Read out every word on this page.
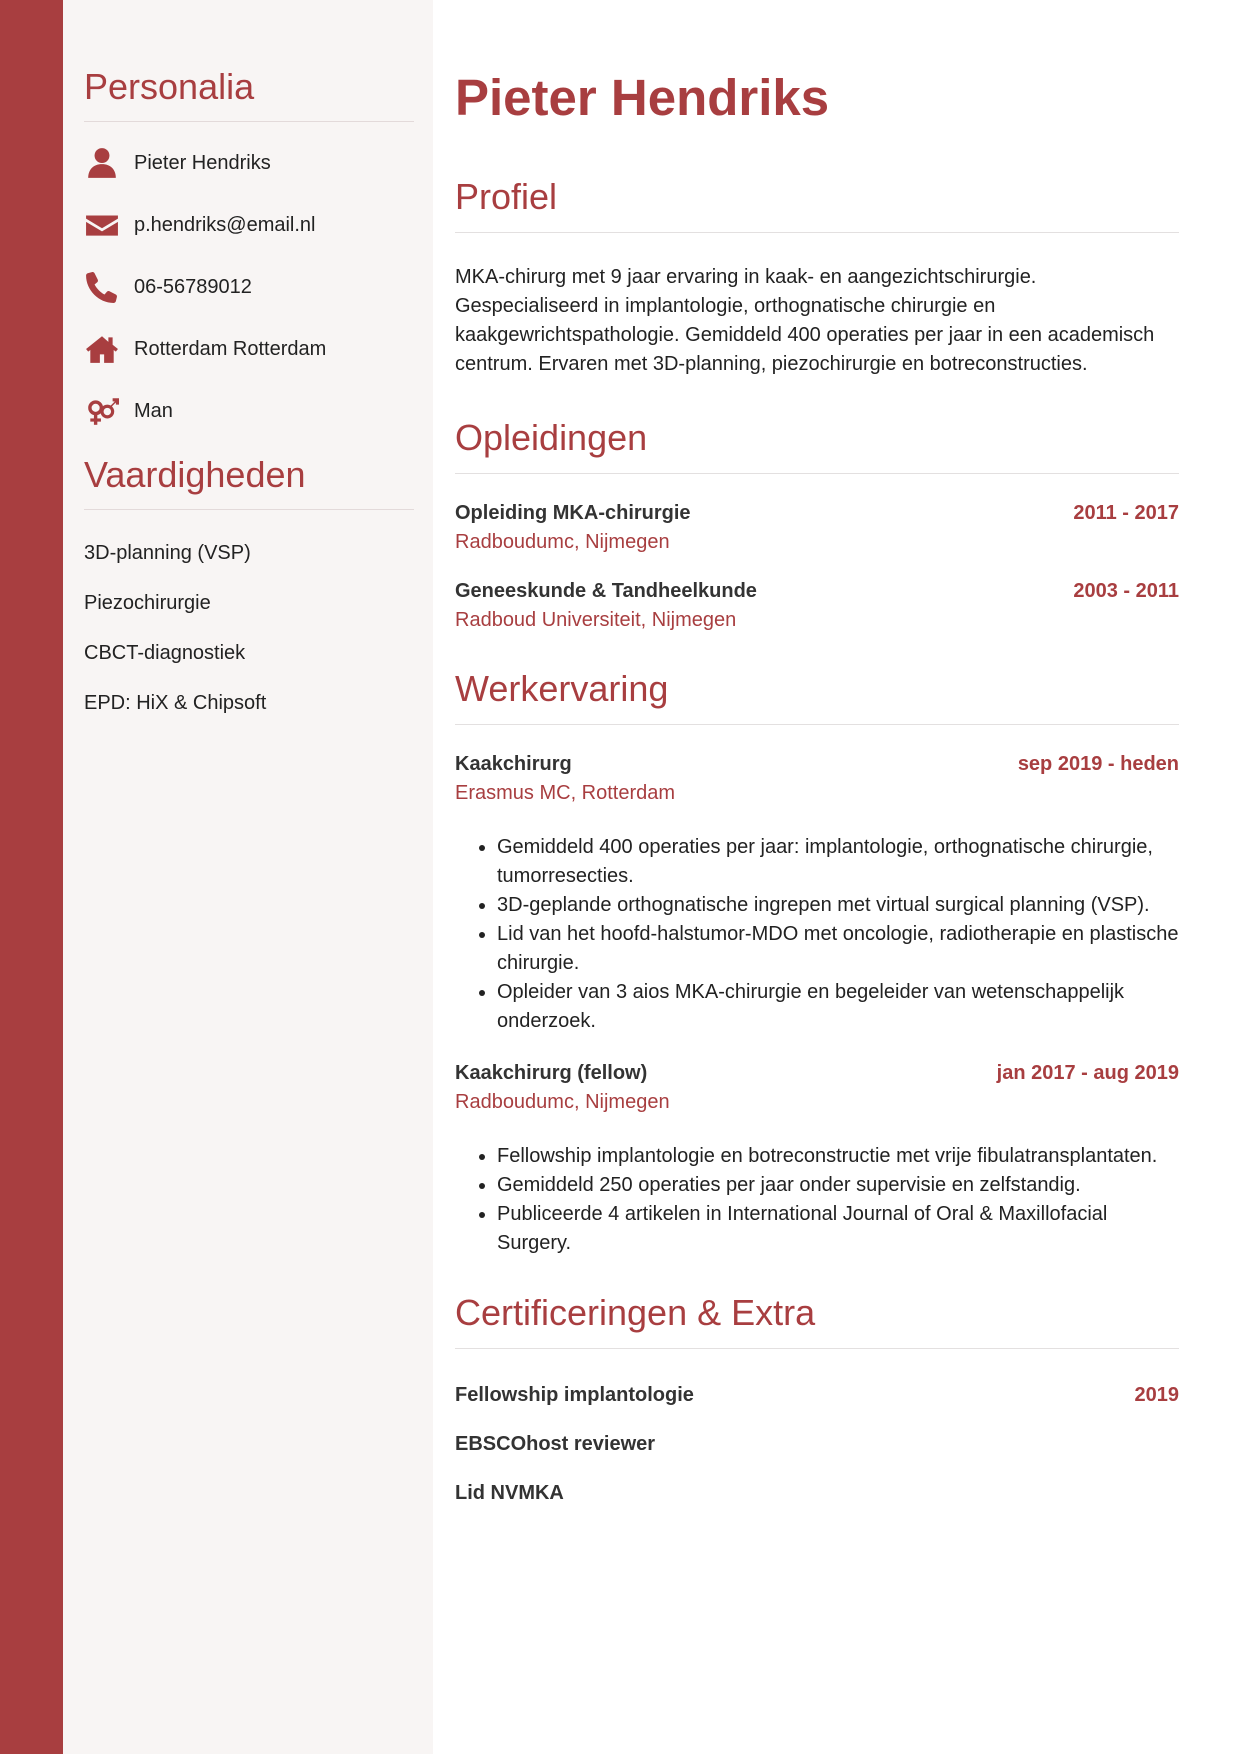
Personalia
Pieter Hendriks
p.hendriks@email.nl
06-56789012
Rotterdam Rotterdam
Man
Vaardigheden
3D-planning (VSP)
Piezochirurgie
CBCT-diagnostiek
EPD: HiX & Chipsoft
Pieter Hendriks
Profiel
MKA-chirurg met 9 jaar ervaring in kaak- en aangezichtschirurgie. Gespecialiseerd in implantologie, orthognatische chirurgie en kaakgewrichtspathologie. Gemiddeld 400 operaties per jaar in een academisch centrum. Ervaren met 3D-planning, piezochirurgie en botreconstructies.
Opleidingen
Opleiding MKA-chirurgie	2011 - 2017
Radboudumc, Nijmegen
Geneeskunde & Tandheelkunde	2003 - 2011
Radboud Universiteit, Nijmegen
Werkervaring
Kaakchirurg	sep 2019 - heden
Erasmus MC, Rotterdam
• Gemiddeld 400 operaties per jaar: implantologie, orthognatische chirurgie, tumorresecties.
• 3D-geplande orthognatische ingrepen met virtual surgical planning (VSP).
• Lid van het hoofd-halstumor-MDO met oncologie, radiotherapie en plastische chirurgie.
• Opleider van 3 aios MKA-chirurgie en begeleider van wetenschappelijk onderzoek.
Kaakchirurg (fellow)	jan 2017 - aug 2019
Radboudumc, Nijmegen
• Fellowship implantologie en botreconstructie met vrije fibulatransplantaten.
• Gemiddeld 250 operaties per jaar onder supervisie en zelfstandig.
• Publiceerde 4 artikelen in International Journal of Oral & Maxillofacial Surgery.
Certificeringen & Extra
Fellowship implantologie	2019
EBSCOhost reviewer
Lid NVMKA
